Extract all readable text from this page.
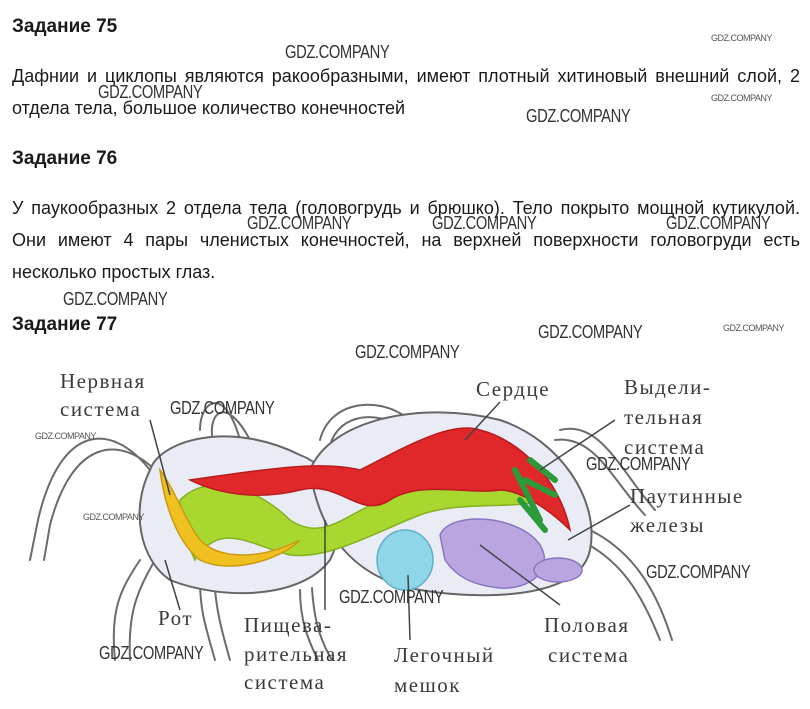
Задание 75
Дафнии и циклопы являются ракообразными, имеют плотный хитиновый внешний слой, 2 отдела тела, большое количество конечностей
Задание 76
У паукообразных 2 отдела тела (головогрудь и брюшко). Тело покрыто мощной кутикулой. Они имеют 4 пары членистых конечностей, на верхней поверхности головогруди есть несколько простых глаз.
Задание 77
Нервная
система
Сердце	Выдели-
тельная
система
Паутинные
железы
Рот Пищева-
рительная
система
Легочный
мешок
Половая
система
GDZ.COMPANY
GDZ.COMPANY
GDZ.COMPANY	GDZ.COMPANY
GDZ.COMPANY
GDZ.COMPANY	GDZ.COMPANY	GDZ.COMPANY
GDZ.COMPANY
GDZ.COMPANY	GDZ.COMPANY
GDZ.COMPANY
GDZ.COMPANY
GDZ.COMPANY
GDZ.COMPANY
GDZ.COMPANY
GDZ.COMPANY
GDZ.COMPANY
GDZ.COMPANY
